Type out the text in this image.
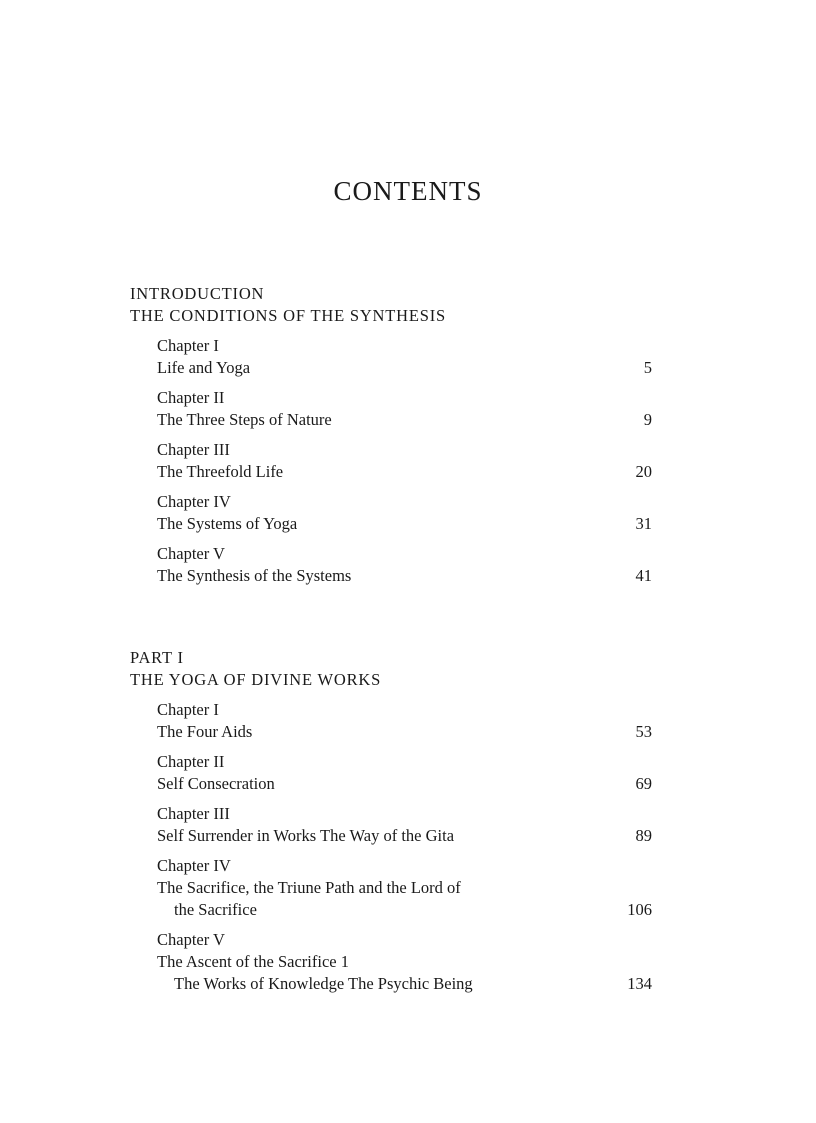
CONTENTS
INTRODUCTION
THE CONDITIONS OF THE SYNTHESIS
Chapter I
Life and Yoga	5
Chapter II
The Three Steps of Nature	9
Chapter III
The Threefold Life	20
Chapter IV
The Systems of Yoga	31
Chapter V
The Synthesis of the Systems	41
PART I
THE YOGA OF DIVINE WORKS
Chapter I
The Four Aids	53
Chapter II
Self Consecration	69
Chapter III
Self Surrender in Works The Way of the Gita	89
Chapter IV
The Sacrifice, the Triune Path and the Lord of
the Sacrifice	106
Chapter V
The Ascent of the Sacrifice 1
The Works of Knowledge The Psychic Being	134
